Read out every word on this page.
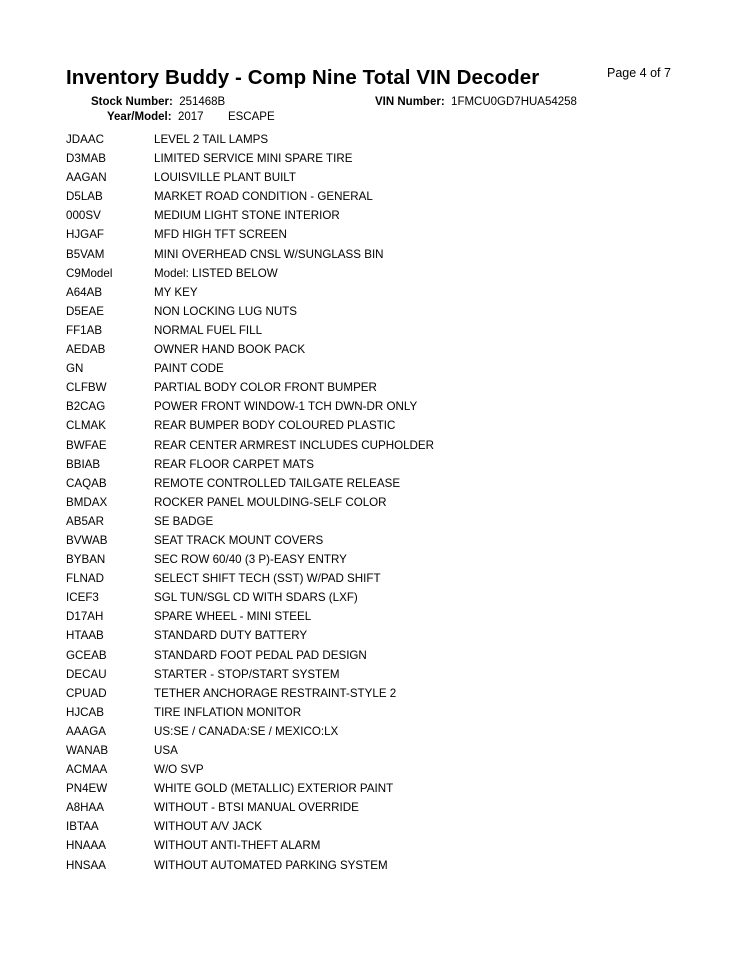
Inventory Buddy - Comp Nine Total VIN Decoder	Page 4 of 7
Stock Number: 251468B	VIN Number: 1FMCU0GD7HUA54258
Year/Model: 2017 ESCAPE
JDAAC	LEVEL 2 TAIL LAMPS
D3MAB	LIMITED SERVICE MINI SPARE TIRE
AAGAN	LOUISVILLE PLANT BUILT
D5LAB	MARKET ROAD CONDITION - GENERAL
000SV	MEDIUM LIGHT STONE INTERIOR
HJGAF	MFD HIGH TFT SCREEN
B5VAM	MINI OVERHEAD CNSL W/SUNGLASS BIN
C9Model	Model: LISTED BELOW
A64AB	MY KEY
D5EAE	NON LOCKING LUG NUTS
FF1AB	NORMAL FUEL FILL
AEDAB	OWNER HAND BOOK PACK
GN	PAINT CODE
CLFBW	PARTIAL BODY COLOR FRONT BUMPER
B2CAG	POWER FRONT WINDOW-1 TCH DWN-DR ONLY
CLMAK	REAR BUMPER BODY COLOURED PLASTIC
BWFAE	REAR CENTER ARMREST INCLUDES CUPHOLDER
BBIAB	REAR FLOOR CARPET MATS
CAQAB	REMOTE CONTROLLED TAILGATE RELEASE
BMDAX	ROCKER PANEL MOULDING-SELF COLOR
AB5AR	SE BADGE
BVWAB	SEAT TRACK MOUNT COVERS
BYBAN	SEC ROW 60/40 (3 P)-EASY ENTRY
FLNAD	SELECT SHIFT TECH (SST) W/PAD SHIFT
ICEF3	SGL TUN/SGL CD WITH SDARS (LXF)
D17AH	SPARE WHEEL - MINI STEEL
HTAAB	STANDARD DUTY BATTERY
GCEAB	STANDARD FOOT PEDAL PAD DESIGN
DECAU	STARTER - STOP/START SYSTEM
CPUAD	TETHER ANCHORAGE RESTRAINT-STYLE 2
HJCAB	TIRE INFLATION MONITOR
AAAGA	US:SE / CANADA:SE / MEXICO:LX
WANAB	USA
ACMAA	W/O SVP
PN4EW	WHITE GOLD (METALLIC) EXTERIOR PAINT
A8HAA	WITHOUT - BTSI MANUAL OVERRIDE
IBTAA	WITHOUT A/V JACK
HNAAA	WITHOUT ANTI-THEFT ALARM
HNSAA	WITHOUT AUTOMATED PARKING SYSTEM
